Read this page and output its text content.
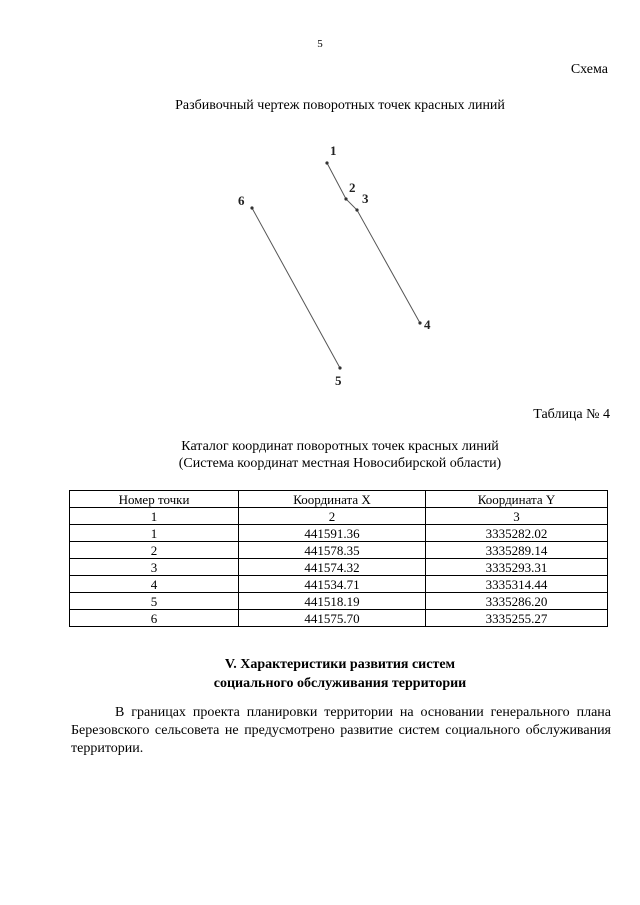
5
Схема
Разбивочный чертеж поворотных точек красных линий
1
2
3
4
5
6
Таблица № 4
Каталог координат поворотных точек красных линий
(Система координат местная Новосибирской области)
Номер точки	Координата X	Координата Y
1	2	3
1	441591.36	3335282.02
2	441578.35	3335289.14
3	441574.32	3335293.31
4	441534.71	3335314.44
5	441518.19	3335286.20
6	441575.70	3335255.27
V. Характеристики развития систем
социального обслуживания территории

В границах проекта планировки территории на основании генерального плана Березовского сельсовета не предусмотрено развитие систем социального обслуживания территории.
